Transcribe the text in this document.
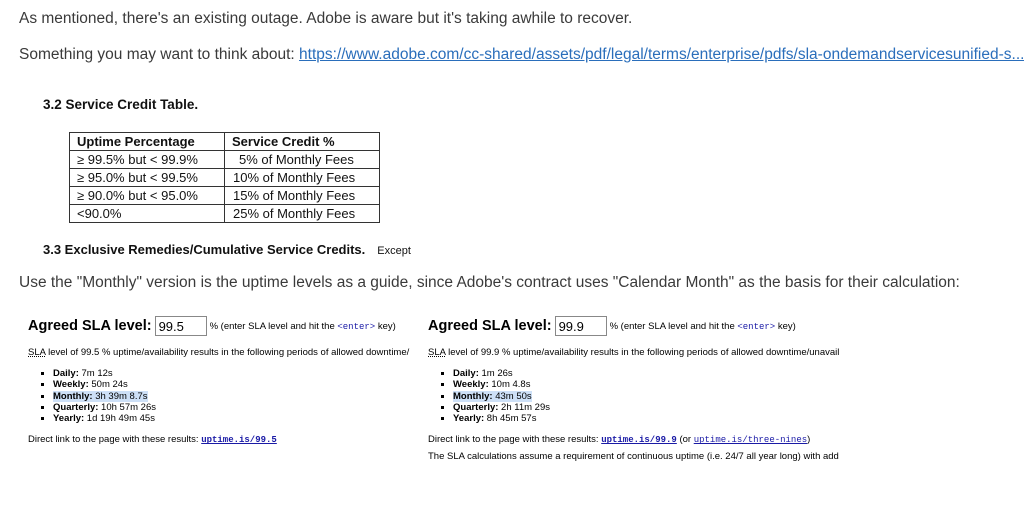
As mentioned, there's an existing outage. Adobe is aware but it's taking awhile to recover.
Something you may want to think about: https://www.adobe.com/cc-shared/assets/pdf/legal/terms/enterprise/pdfs/sla-ondemandservicesunified-s...
3.2 Service Credit Table.
Uptime Percentage	Service Credit %
≥ 99.5% but < 99.9%	5% of Monthly Fees
≥ 95.0% but < 99.5%	10% of Monthly Fees
≥ 90.0% but < 95.0%	15% of Monthly Fees
<90.0%	25% of Monthly Fees
3.3 Exclusive Remedies/Cumulative Service Credits. Except
Use the "Monthly" version is the uptime levels as a guide, since Adobe's contract uses "Calendar Month" as the basis for their calculation:
Agreed SLA level:
99.5	% (enter SLA level and hit the <enter> key)
SLA level of 99.5 % uptime/availability results in the following periods of allowed downtime/
▪ Daily: 7m 12s
▪ Weekly: 50m 24s
▪ Monthly: 3h 39m 8.7s
▪ Quarterly: 10h 57m 26s
▪ Yearly: 1d 19h 49m 45s
Direct link to the page with these results: uptime.is/99.5
Agreed SLA level:
99.9	% (enter SLA level and hit the <enter> key)
SLA level of 99.9 % uptime/availability results in the following periods of allowed downtime/unavail
▪ Daily: 1m 26s
▪ Weekly: 10m 4.8s
▪ Monthly: 43m 50s
▪ Quarterly: 2h 11m 29s
▪ Yearly: 8h 45m 57s
Direct link to the page with these results: uptime.is/99.9 (or uptime.is/three-nines)
The SLA calculations assume a requirement of continuous uptime (i.e. 24/7 all year long) with add
